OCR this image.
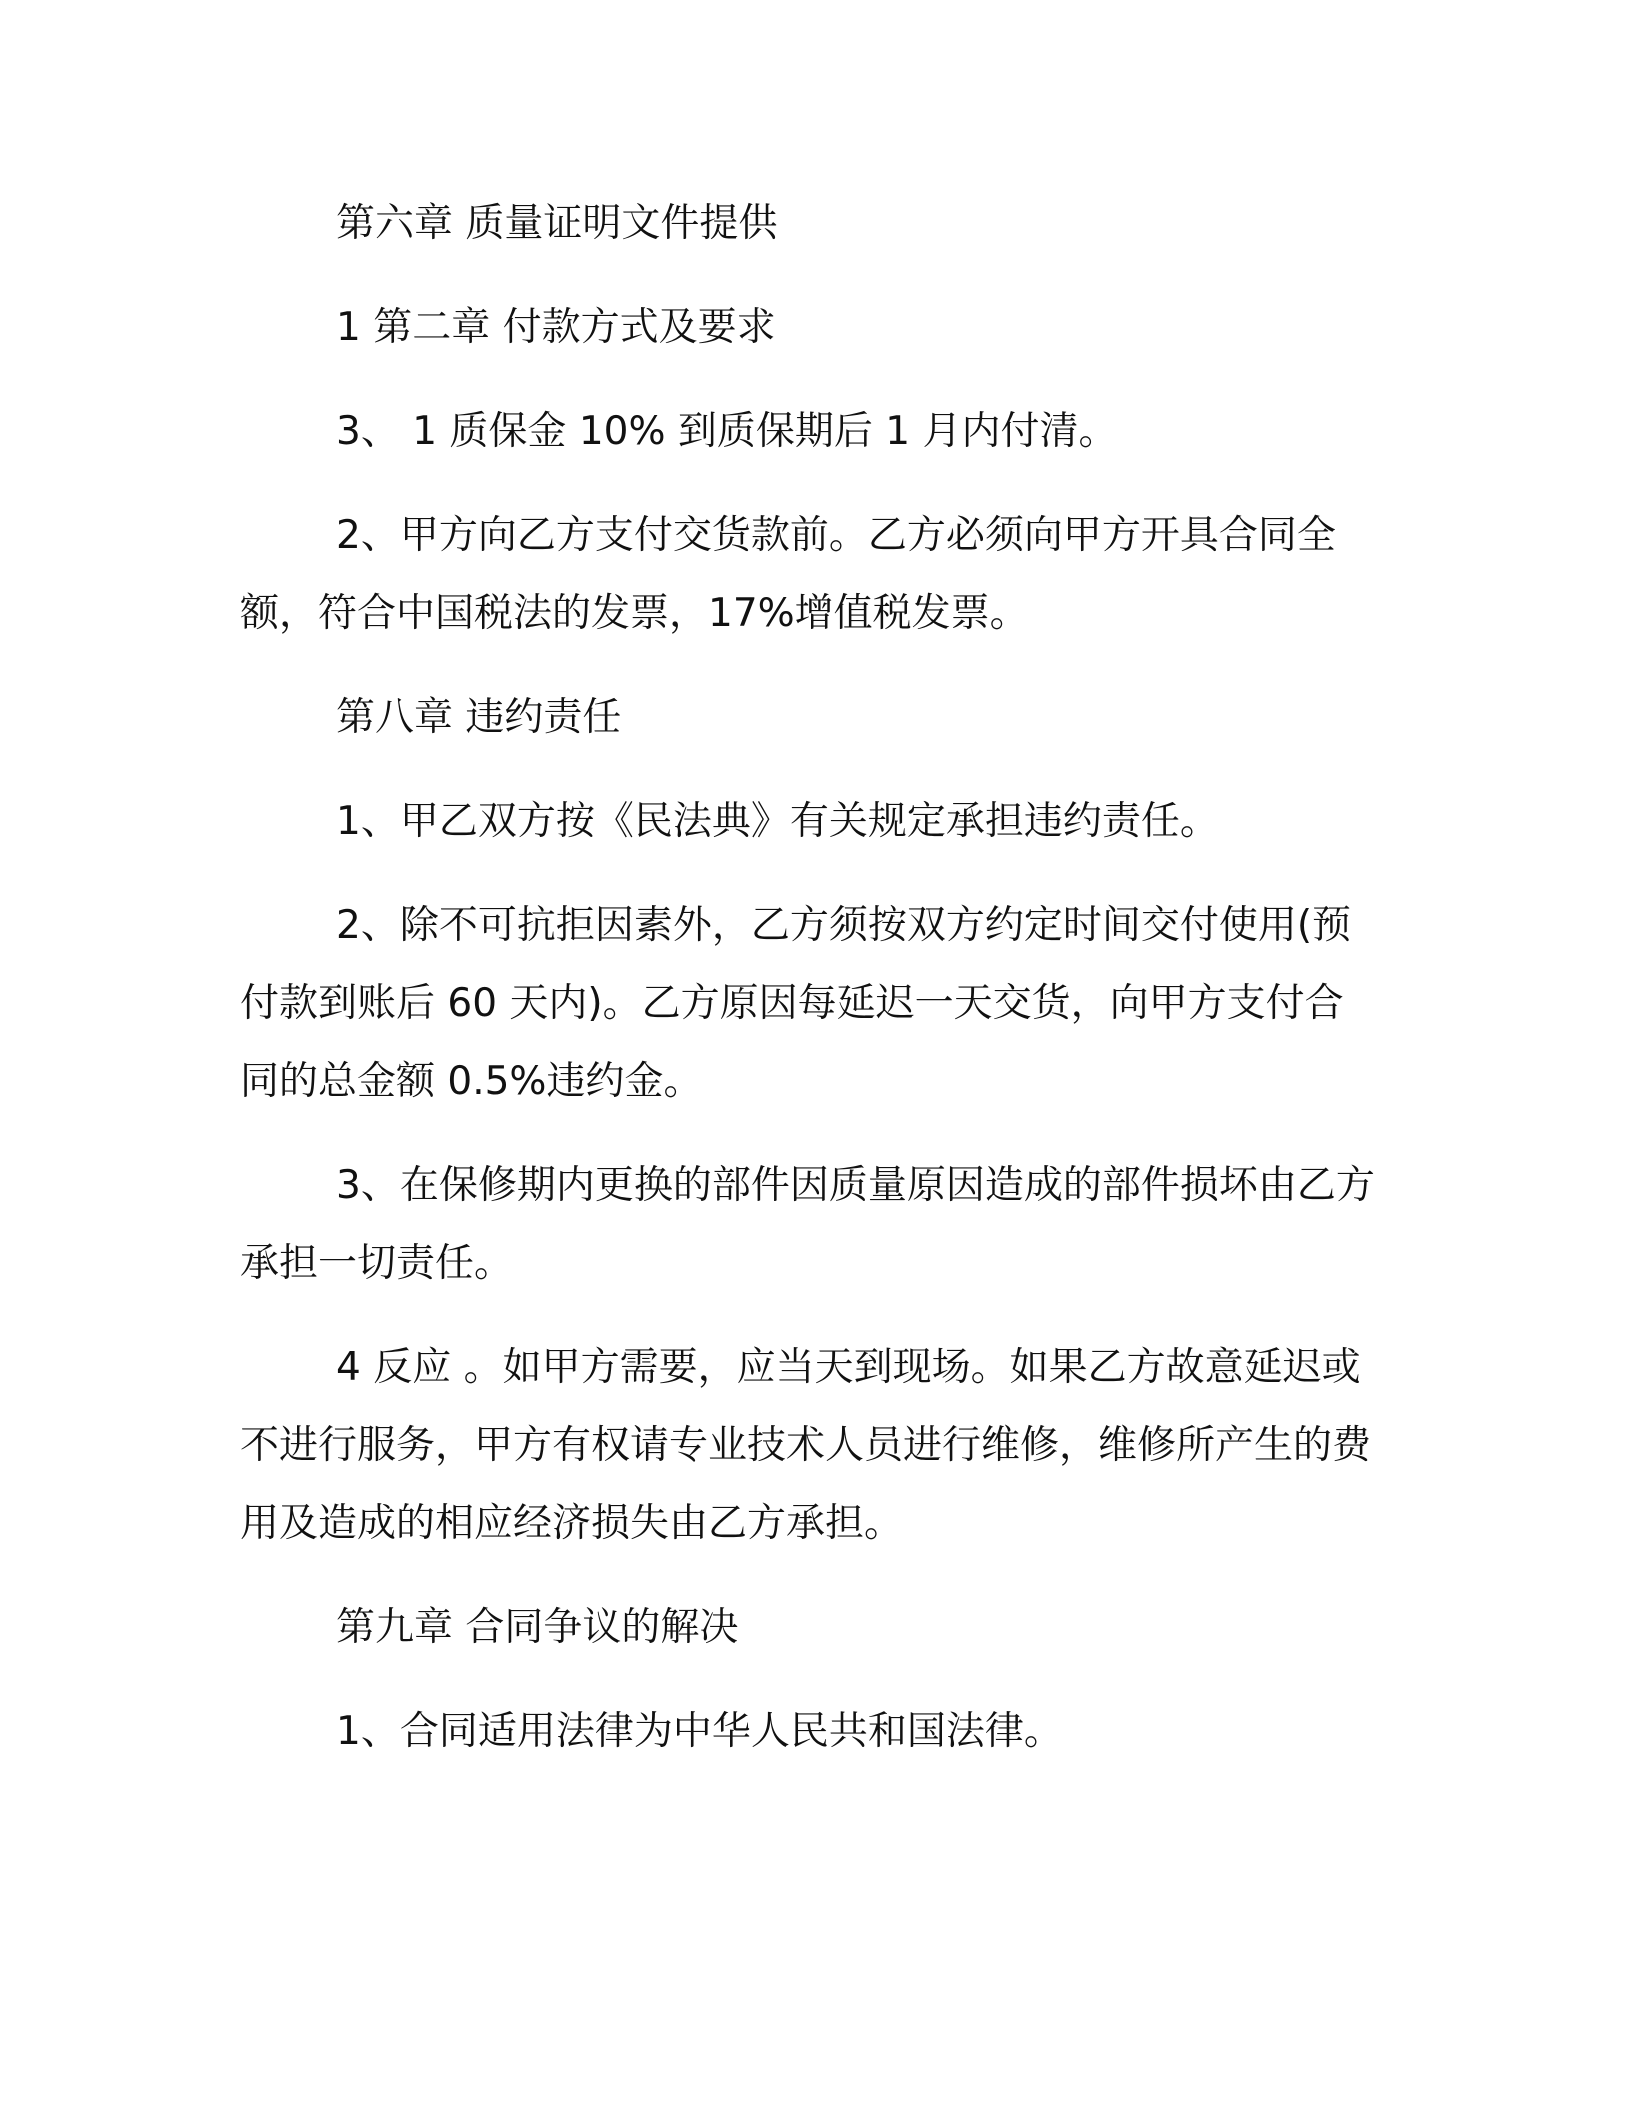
第六章 质量证明文件提供

1 第二章 付款方式及要求

3、 1 质保金 10% 到质保期后 1 月内付清。

2、甲方向乙方支付交货款前。乙方必须向甲方开具合同全额，符合中国税法的发票，17%增值税发票。

第八章 违约责任

1、甲乙双方按《民法典》有关规定承担违约责任。

2、除不可抗拒因素外，乙方须按双方约定时间交付使用(预付款到账后 60 天内)。乙方原因每延迟一天交货，向甲方支付合同的总金额 0.5%违约金。

3、在保修期内更换的部件因质量原因造成的部件损坏由乙方承担一切责任。

4 反应 。如甲方需要，应当天到现场。如果乙方故意延迟或不进行服务，甲方有权请专业技术人员进行维修，维修所产生的费用及造成的相应经济损失由乙方承担。

第九章 合同争议的解决

1、合同适用法律为中华人民共和国法律。
